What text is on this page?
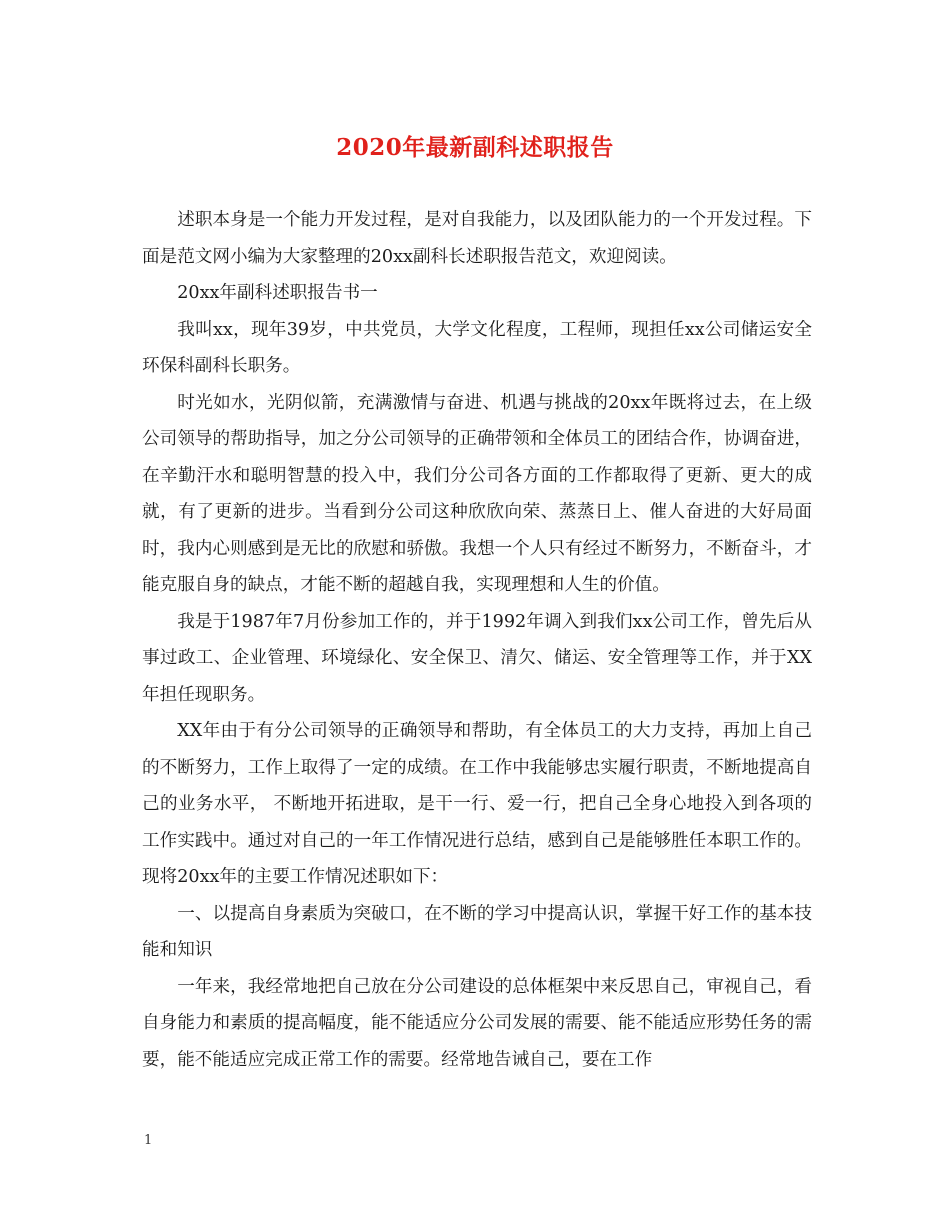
2020年最新副科述职报告

述职本身是一个能力开发过程，是对自我能力，以及团队能力的一个开发过程。下面是范文网小编为大家整理的20xx副科长述职报告范文，欢迎阅读。

20xx年副科述职报告书一

我叫xx，现年39岁，中共党员，大学文化程度，工程师，现担任xx公司储运安全环保科副科长职务。

时光如水，光阴似箭，充满激情与奋进、机遇与挑战的20xx年既将过去，在上级公司领导的帮助指导，加之分公司领导的正确带领和全体员工的团结合作，协调奋进，在辛勤汗水和聪明智慧的投入中，我们分公司各方面的工作都取得了更新、更大的成就，有了更新的进步。当看到分公司这种欣欣向荣、蒸蒸日上、催人奋进的大好局面时，我内心则感到是无比的欣慰和骄傲。我想一个人只有经过不断努力，不断奋斗，才能克服自身的缺点，才能不断的超越自我，实现理想和人生的价值。

我是于1987年7月份参加工作的，并于1992年调入到我们xx公司工作，曾先后从事过政工、企业管理、环境绿化、安全保卫、清欠、储运、安全管理等工作，并于XX年担任现职务。

XX年由于有分公司领导的正确领导和帮助，有全体员工的大力支持，再加上自己的不断努力，工作上取得了一定的成绩。在工作中我能够忠实履行职责，不断地提高自己的业务水平， 不断地开拓进取，是干一行、爱一行，把自己全身心地投入到各项的工作实践中。通过对自己的一年工作情况进行总结，感到自己是能够胜任本职工作的。现将20xx年的主要工作情况述职如下：

一、以提高自身素质为突破口，在不断的学习中提高认识，掌握干好工作的基本技能和知识

一年来，我经常地把自己放在分公司建设的总体框架中来反思自己，审视自己，看自身能力和素质的提高幅度，能不能适应分公司发展的需要、能不能适应形势任务的需要，能不能适应完成正常工作的需要。经常地告诫自己，要在工作

1
